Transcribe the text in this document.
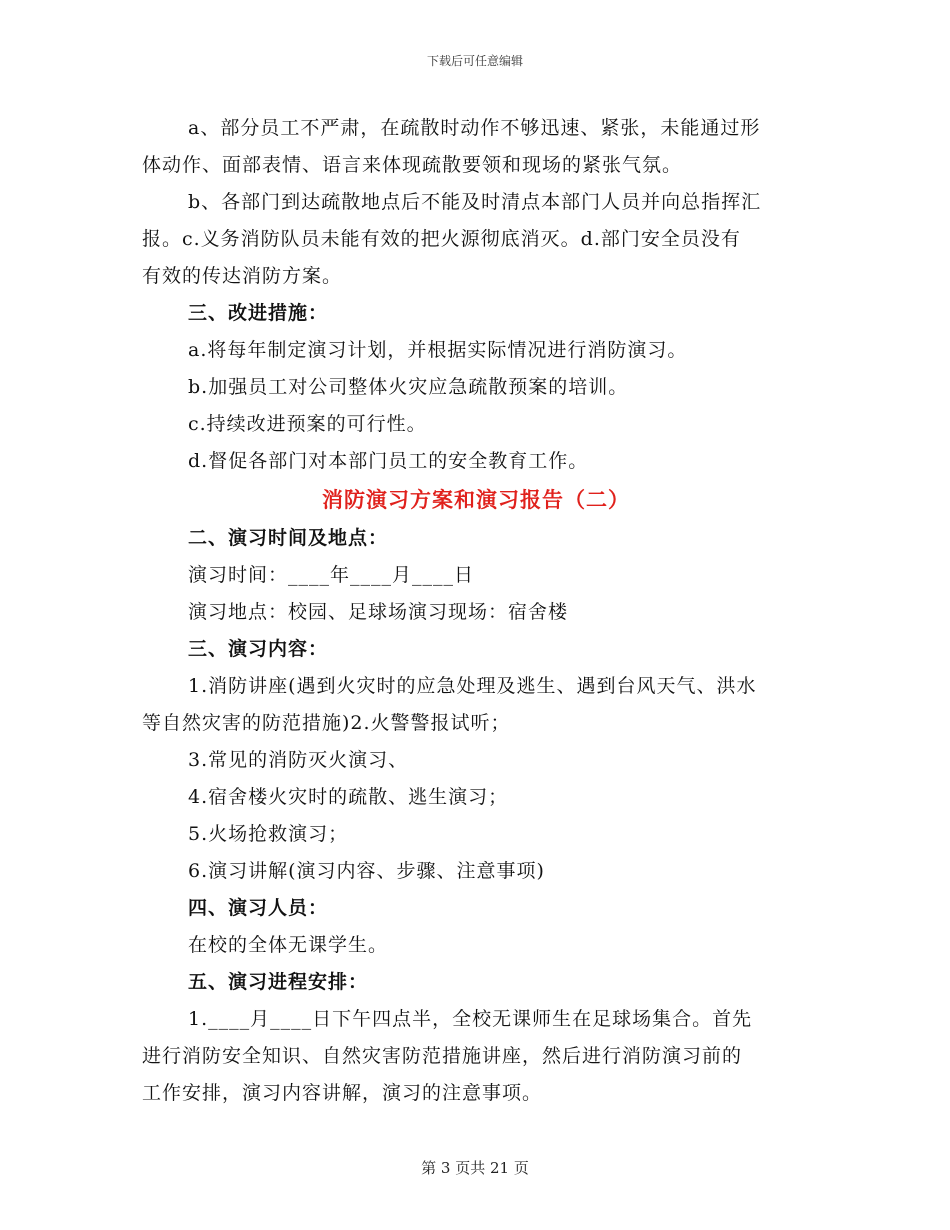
下载后可任意编辑
a、部分员工不严肃，在疏散时动作不够迅速、紧张，未能通过形
体动作、面部表情、语言来体现疏散要领和现场的紧张气氛。
b、各部门到达疏散地点后不能及时清点本部门人员并向总指挥汇
报。c.义务消防队员未能有效的把火源彻底消灭。d.部门安全员没有
有效的传达消防方案。
三、改进措施：
a.将每年制定演习计划，并根据实际情况进行消防演习。
b.加强员工对公司整体火灾应急疏散预案的培训。
c.持续改进预案的可行性。
d.督促各部门对本部门员工的安全教育工作。
消防演习方案和演习报告（二）
二、演习时间及地点：
演习时间：____年____月____日
演习地点：校园、足球场演习现场：宿舍楼
三、演习内容：
1.消防讲座(遇到火灾时的应急处理及逃生、遇到台风天气、洪水
等自然灾害的防范措施)2.火警警报试听；
3.常见的消防灭火演习、
4.宿舍楼火灾时的疏散、逃生演习；
5.火场抢救演习；
6.演习讲解(演习内容、步骤、注意事项)
四、演习人员：
在校的全体无课学生。
五、演习进程安排：
1.____月____日下午四点半，全校无课师生在足球场集合。首先
进行消防安全知识、自然灾害防范措施讲座，然后进行消防演习前的
工作安排，演习内容讲解，演习的注意事项。
第 3 页共 21 页
